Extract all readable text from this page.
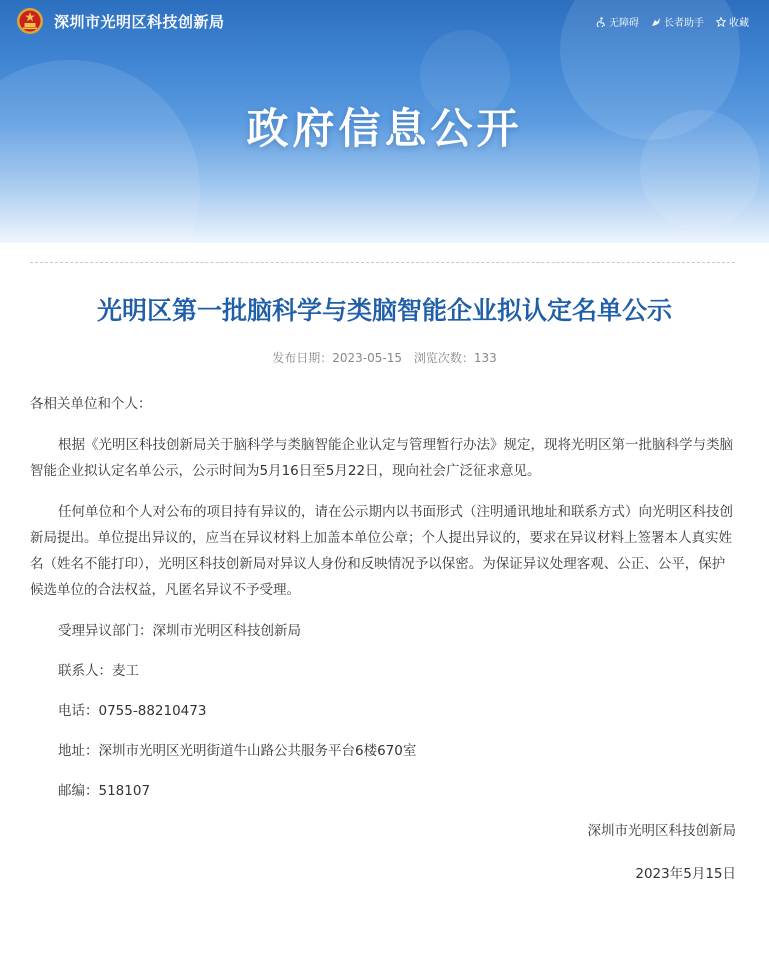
深圳市光明区科技创新局	无障碍	长者助手	收藏
政府信息公开
光明区第一批脑科学与类脑智能企业拟认定名单公示
发布日期：2023-05-15 浏览次数：133

各相关单位和个人：

根据《光明区科技创新局关于脑科学与类脑智能企业认定与管理暂行办法》规定，现将光明区第一批脑科学与类脑智能企业拟认定名单公示，公示时间为5月16日至5月22日，现向社会广泛征求意见。

任何单位和个人对公布的项目持有异议的，请在公示期内以书面形式（注明通讯地址和联系方式）向光明区科技创新局提出。单位提出异议的，应当在异议材料上加盖本单位公章；个人提出异议的，要求在异议材料上签署本人真实姓名（姓名不能打印），光明区科技创新局对异议人身份和反映情况予以保密。为保证异议处理客观、公正、公平，保护候选单位的合法权益，凡匿名异议不予受理。

受理异议部门：深圳市光明区科技创新局

联系人：麦工

电话：0755-88210473

地址：深圳市光明区光明街道牛山路公共服务平台6楼670室

邮编：518107

深圳市光明区科技创新局

2023年5月15日
